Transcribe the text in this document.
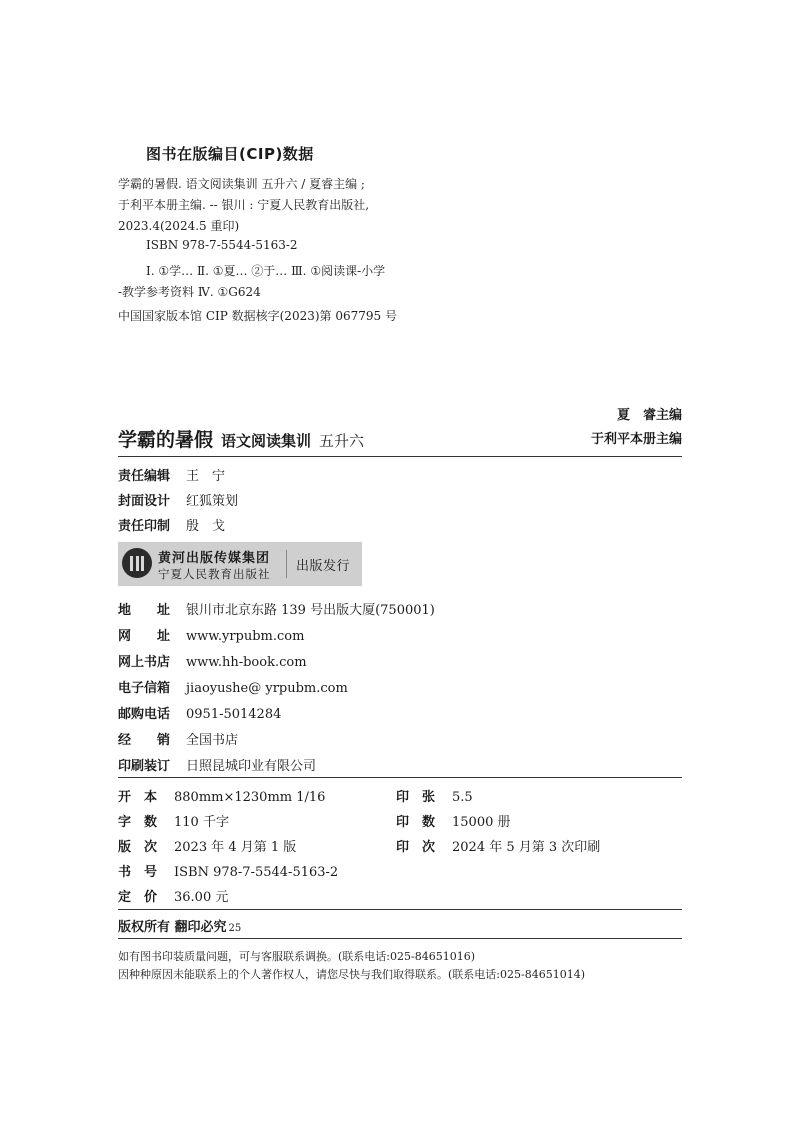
图书在版编目(CIP)数据
学霸的暑假. 语文阅读集训 五升六 / 夏睿主编 ;
于利平本册主编. -- 银川 : 宁夏人民教育出版社,
2023.4(2024.5 重印)
ISBN 978-7-5544-5163-2
Ⅰ. ①学… Ⅱ. ①夏… ②于… Ⅲ. ①阅读课-小学
-教学参考资料 Ⅳ. ①G624
中国国家版本馆 CIP 数据核字(2023)第 067795 号
夏　睿主编
于利平本册主编
学霸的暑假 语文阅读集训 五升六
责任编辑 王　宁
封面设计 红狐策划
责任印制 殷　戈
黄河出版传媒集团
宁夏人民教育出版社 出版发行
地　　址 银川市北京东路 139 号出版大厦(750001)
网　　址 www.yrpubm.com
网上书店 www.hh-book.com
电子信箱 jiaoyushe@ yrpubm.com
邮购电话 0951-5014284
经　　销 全国书店
印刷装订 日照昆城印业有限公司
开　本 880mm×1230mm 1/16	印　张 5.5
字　数 110 千字	印　数 15000 册
版　次 2023 年 4 月第 1 版	印　次 2024 年 5 月第 3 次印刷
书　号 ISBN 978-7-5544-5163-2
定　价 36.00 元
版权所有 翻印必究 25
如有图书印装质量问题，可与客服联系调换。(联系电话:025-84651016)
因种种原因未能联系上的个人著作权人，请您尽快与我们取得联系。(联系电话:025-84651014)
